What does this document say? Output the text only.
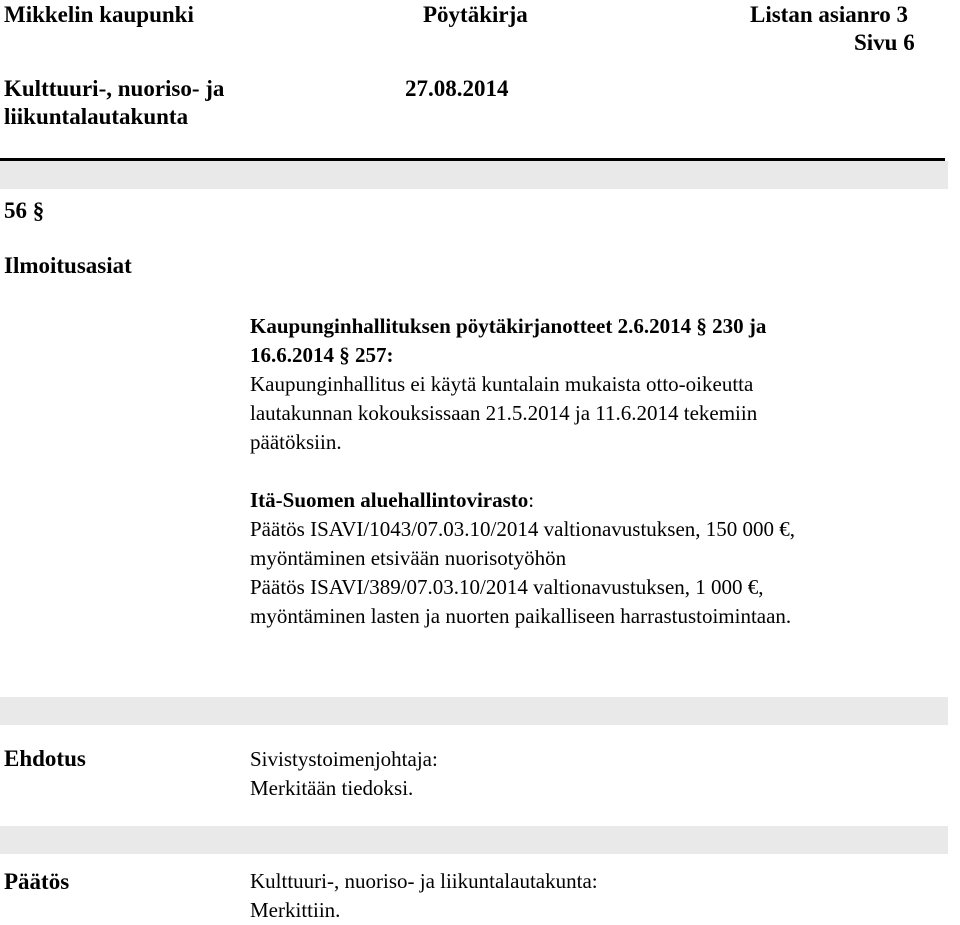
Mikkelin kaupunki	Pöytäkirja	Listan asianro 3
Sivu 6
Kulttuuri-, nuoriso- ja
liikuntalautakunta
27.08.2014
56 §
Ilmoitusasiat
Kaupunginhallituksen pöytäkirjanotteet 2.6.2014 § 230 ja
16.6.2014 § 257:
Kaupunginhallitus ei käytä kuntalain mukaista otto-oikeutta
lautakunnan kokouksissaan 21.5.2014 ja 11.6.2014 tekemiin
päätöksiin.
Itä-Suomen aluehallintovirasto:
Päätös ISAVI/1043/07.03.10/2014 valtionavustuksen, 150 000 €,
myöntäminen etsivään nuorisotyöhön
Päätös ISAVI/389/07.03.10/2014 valtionavustuksen, 1 000 €,
myöntäminen lasten ja nuorten paikalliseen harrastustoimintaan.
Ehdotus	Sivistystoimenjohtaja:
Merkitään tiedoksi.
Päätös	Kulttuuri-, nuoriso- ja liikuntalautakunta:
Merkittiin.
